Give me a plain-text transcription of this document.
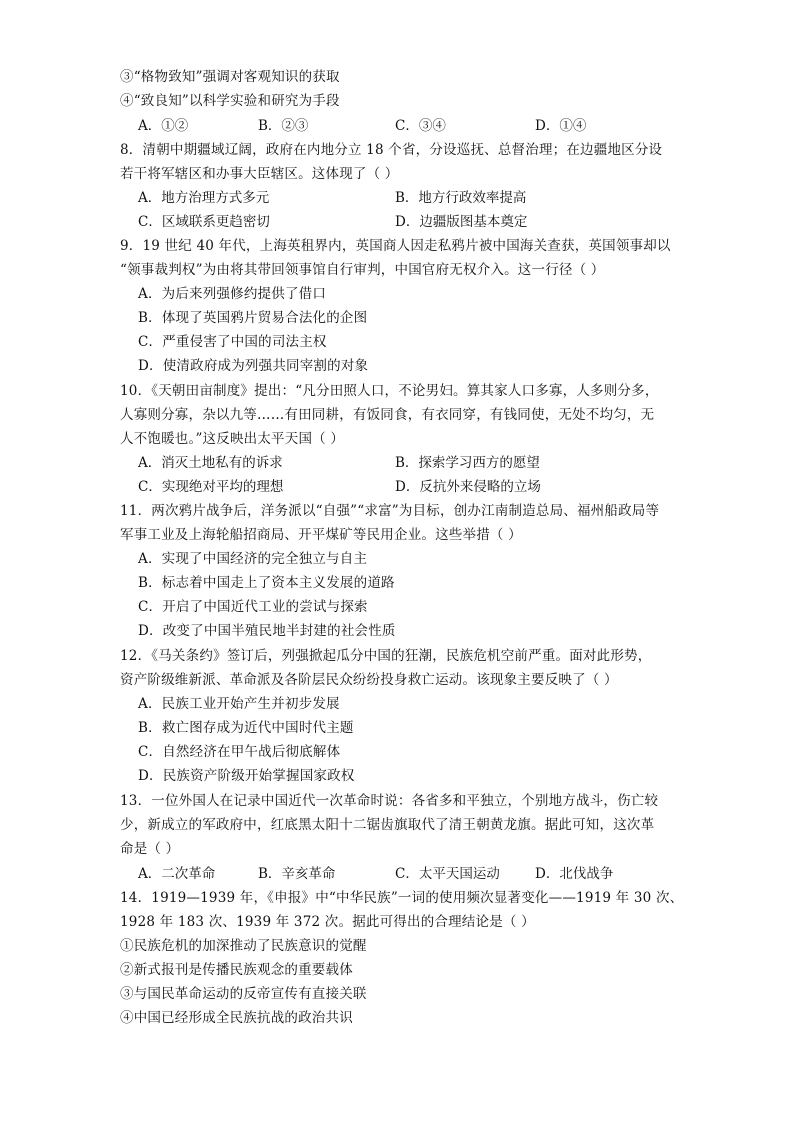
③“格物致知”强调对客观知识的获取
④“致良知”以科学实验和研究为手段
A．①②	B．②③	C．③④	D．①④
8．清朝中期疆域辽阔，政府在内地分立 18 个省，分设巡抚、总督治理；在边疆地区分设
若干将军辖区和办事大臣辖区。这体现了（ ）
A．地方治理方式多元	B．地方行政效率提高
C．区域联系更趋密切	D．边疆版图基本奠定
9．19 世纪 40 年代，上海英租界内，英国商人因走私鸦片被中国海关查获，英国领事却以
“领事裁判权”为由将其带回领事馆自行审判，中国官府无权介入。这一行径（ ）
A．为后来列强修约提供了借口
B．体现了英国鸦片贸易合法化的企图
C．严重侵害了中国的司法主权
D．使清政府成为列强共同宰割的对象
10．《天朝田亩制度》提出：“凡分田照人口，不论男妇。算其家人口多寡，人多则分多，
人寡则分寡，杂以九等……有田同耕，有饭同食，有衣同穿，有钱同使，无处不均匀，无
人不饱暖也。”这反映出太平天国（ ）
A．消灭土地私有的诉求	B．探索学习西方的愿望
C．实现绝对平均的理想	D．反抗外来侵略的立场
11．两次鸦片战争后，洋务派以“自强”“求富”为目标，创办江南制造总局、福州船政局等
军事工业及上海轮船招商局、开平煤矿等民用企业。这些举措（ ）
A．实现了中国经济的完全独立与自主
B．标志着中国走上了资本主义发展的道路
C．开启了中国近代工业的尝试与探索
D．改变了中国半殖民地半封建的社会性质
12．《马关条约》签订后，列强掀起瓜分中国的狂潮，民族危机空前严重。面对此形势，
资产阶级维新派、革命派及各阶层民众纷纷投身救亡运动。该现象主要反映了（ ）
A．民族工业开始产生并初步发展
B．救亡图存成为近代中国时代主题
C．自然经济在甲午战后彻底解体
D．民族资产阶级开始掌握国家政权
13．一位外国人在记录中国近代一次革命时说：各省多和平独立，个别地方战斗，伤亡较
少，新成立的军政府中，红底黑太阳十二锯齿旗取代了清王朝黄龙旗。据此可知，这次革
命是（ ）
A．二次革命	B．辛亥革命	C．太平天国运动	D．北伐战争
14．1919—1939 年，《申报》中“中华民族”一词的使用频次显著变化——1919 年 30 次、
1928 年 183 次、1939 年 372 次。据此可得出的合理结论是（ ）
①民族危机的加深推动了民族意识的觉醒
②新式报刊是传播民族观念的重要载体
③与国民革命运动的反帝宣传有直接关联
④中国已经形成全民族抗战的政治共识
